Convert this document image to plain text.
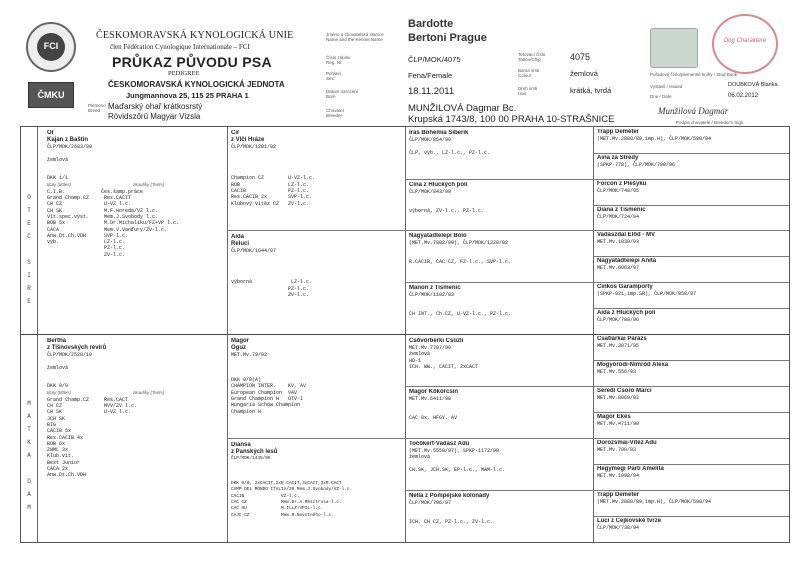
FCI
ČMKU
ČESKOMORAVSKÁ KYNOLOGICKÁ UNIE
člen Fédération Cynologique Internationale – FCI
PRŮKAZ PŮVODU PSA
PEDIGREE
ČESKOMORAVSKÁ KYNOLOGICKÁ JEDNOTA
Jungmannova 25, 115 25 PRAHA 1
Plemeno
Breed Maďarský ohař krátkosrstý
Rövidszőrü Magyar Vizsla
Jméno a chovatelská stanice
Name and the Kennel Name
Číslo zápisu
Reg. Nr.
Pohlaví
Sex
Datum narození
Born
Chovatel
Breeder
Bardotte
Bertoni Prague
ČLP/MOK/4075
Fena/Female
18.11.2011
MUNŽILOVÁ Dagmar Bc.
Krupská 1743/8, 100 00 PRAHA 10-STRAŠNICE
Tetovací číslo
Tattoo/Chip
Barva srsti
Colour
Druh srsti
Hair
4075
žemlová
krátká, tvrdá
Dog Charaktere
Pořadové číslo/plemenné knihy / Stud Book
Vystavil / Issued	DOUBKOVÁ Blanka
Dne / Date	06.02.2012
Munžilová Dagmar
Podpis chovatele / Breeder's Sign.
O
T
E
C
S
I
R
E
M
A
T
K
A
D
A
M
Or
Kajan z Baštin
ČLP/MOK/2683/09

žemlová

DKK 1/1

tituly (tittles)	zkoušky (Tests)
C.I.B.            Čes.šamp.práce
Grand Champ.CZ     Res.CACIT
CH CZ              U-VZ l.c.
CH SK              M.F.Horeda/VZ l.c.
Vit.spec.výst.     Mem.J.Svobody l.c.
BOB 5x             M.Dr.Michalíku/FZ+VP l.c.
CACA               Mem.V.Vanďury/ZV-l.c.
Anw.Dt.Ch.VDH      SVP-l.c.
výb.               LZ-l.c.
PZ-l.c.
ZV-l.c.
Bertha
z Tišnovských revírů
ČLP/MOK/2520/10

žemlová

DKK 0/0

tituly (tittles)	zkoušky (Tests)
Grand Champ.CZ     Res.CACT
CH CZ              MVV/ZV l.c.
CH SK              U-VZ l.c.
JCH SK
BIG
CACIB 5x
Res.CACIB 4x
BOB 6x
ZWML 3x
Klub.vít.
Best Junior
CACA 2x
Anw.Dt.Ch.VDH
Cir
z Vlčí Hráze
ČLP/MOK/1281/02

Champion CZ        U-VZ-l.c.
BOB                LZ-l.c.
CACIB              PZ-l.c.
Res.CACIB 2x       SVP-l.c.
Klubový vítěz CZ   ZV-l.c.
Aida
Reluci
ČLP/MOK/1644/07

výborná             LZ-l.c.
PZ-l.c.
ZV-l.c.
Magor
Oguz
MET.Mv.79/02

DKK 0/0(A)
CHAMPION INTER.    KV, AV
European Champion  VAV
Grand Champion H   ÖTV-I
Hungaria Schow Champion
Champion H
Diansa
z Panských lesů
ČLP/MOK/1445/06

DKK 0/0, 2xCACIT,2xR.CACIT,3xCACT,3xR.CACT
CAMP DEL MONDO ITALIA/20 Mem.J.Svobody/VZ-l.c.
CACIB              VZ-l.c.
CAC CZ             Mem.Dr.A.Měsztrosa-l.c.
CAC HU             M.ILLZ+VPIL-l.c.
CAJC CZ            Mem.M.Novotného-l.c.
Iras Bohemia Šiberik
ČLP/MOK/854/99

ČLP, výb., LZ-l.c., PZ-l.c.
Cina z Hluckých polí
ČLP/MOK/843/99

výborná, ZV-l.c., PZ-l.c.
Nagyatádtelepi Bóló
(MET.Mv.7802/99), ČLP/MOK/1220/02

R.CACIB, CAC CZ, FZ-l.c., SVP-l.c.
Manon z Tismenic
ČLP/MOK/1102/03

CH INT., Ch.CZ, U-VZ-l.c., PZ-l.c.
Csővörberki Csűzli
MET.Mv.7707/99
žemlová
HD-1
ICH. WW., CACIT, 2xCACT
Magor Kőkörcsín
MET.Mv.6411/98

CAC 8x, HFGY. AV
Točőkert-Vadász Adu
(MET.Mv.5550/97), SPKP-1172/98
žemlová

CH.SK, JCH.SK, EP-l.c., MAM-l.c.
Nella z Pompejské kolonády
ČLP/MOK/706/97

ICH. CH CZ, PZ-l.c., ZV-l.c.
Trapp Demeter
(MET.Mv.2880/89,imp.H), ČLP/MOK/590/94
Aina za Stredy
(SPKP-778), ČLP/MOK/700/96
Forcon z Plešyku
ČLP/MOK/740/95
Diana z Tismenic
ČLP/MOK/724/94
Vadászdal Előd - MV
MET.Mv.1039/93
Nagyatádtelepi Anita
MET.Mv.6063/97
Cinkos Garamporty
(SPKP-921,imp.SR), ČLP/MOK/858/97
Aida z Hluckých polí
ČLP/MOK/780/96
Csatlárkai Parázs
MET.Mv.3871/95
Mogyoródi-Nimród Alexa
MET.Mv.556/93
Serédi Csoro Marci
MET.Mv.8069/92
Magor Ékes
MET.Mv.4711/90
Dorozsmai-Vitéz Adu
MET.Mv.700/93
Hegymegi Parti Amelita
MET.Mv.1098/94
Trapp Demeter
(MET.Mv.2880/89,imp.H), ČLP/MOK/590/94
Luci z Čejkovské tvrze
ČLP/MOK/738/94
